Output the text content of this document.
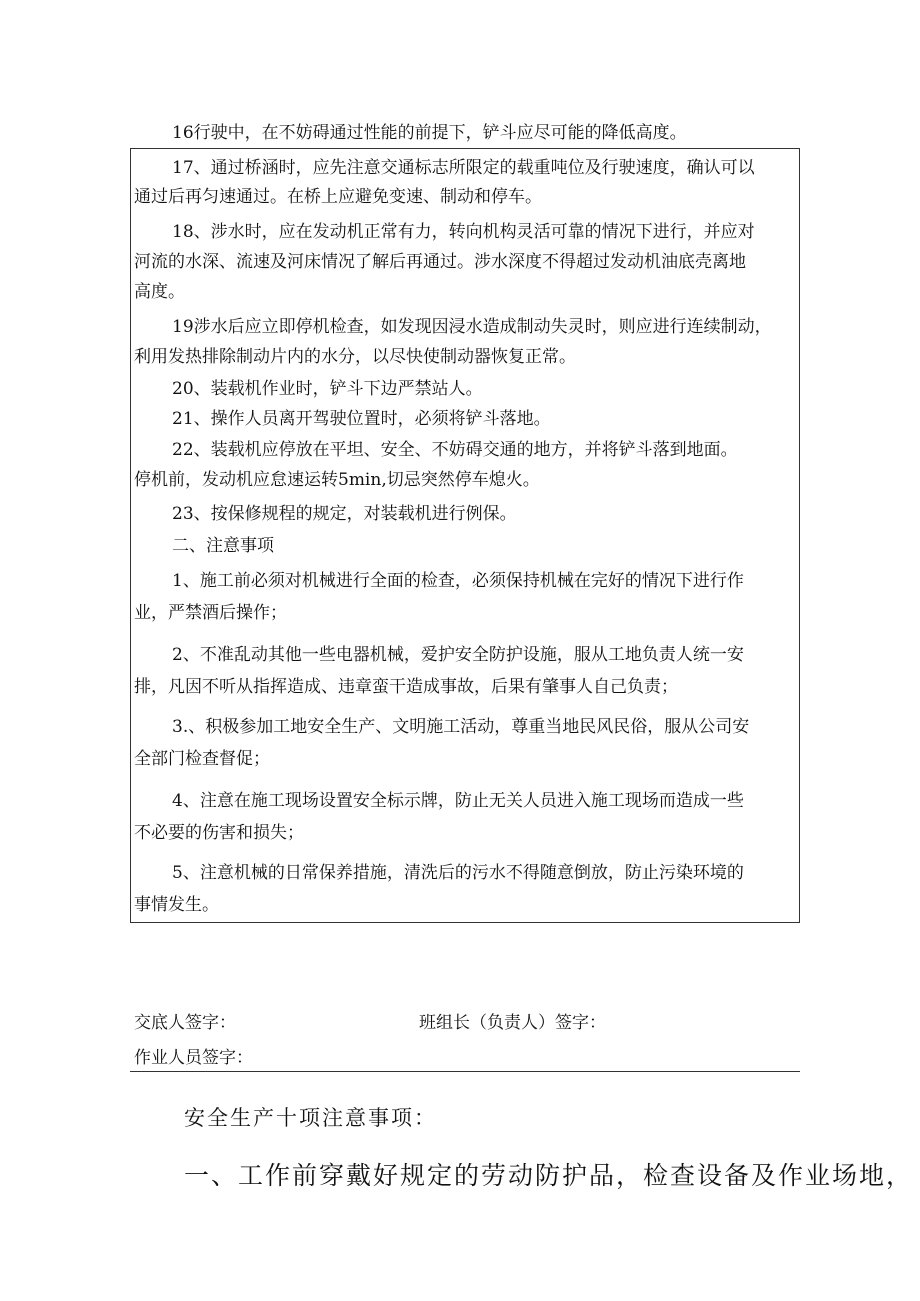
16行驶中，在不妨碍通过性能的前提下，铲斗应尽可能的降低高度。
17、通过桥涵时，应先注意交通标志所限定的载重吨位及行驶速度，确认可以
通过后再匀速通过。在桥上应避免变速、制动和停车。
18、涉水时，应在发动机正常有力，转向机构灵活可靠的情况下进行，并应对
河流的水深、流速及河床情况了解后再通过。涉水深度不得超过发动机油底壳离地
高度。
19涉水后应立即停机检查，如发现因浸水造成制动失灵时，则应进行连续制动，
利用发热排除制动片内的水分，以尽快使制动器恢复正常。
20、装载机作业时，铲斗下边严禁站人。
21、操作人员离开驾驶位置时，必须将铲斗落地。
22、装载机应停放在平坦、安全、不妨碍交通的地方，并将铲斗落到地面。
停机前，发动机应怠速运转5min,切忌突然停车熄火。
23、按保修规程的规定，对装载机进行例保。
二、注意事项
1、施工前必须对机械进行全面的检查，必须保持机械在完好的情况下进行作
业，严禁酒后操作；
2、不准乱动其他一些电器机械，爱护安全防护设施，服从工地负责人统一安
排，凡因不听从指挥造成、违章蛮干造成事故，后果有肇事人自己负责；
3.、积极参加工地安全生产、文明施工活动，尊重当地民风民俗，服从公司安
全部门检查督促；
4、注意在施工现场设置安全标示牌，防止无关人员进入施工现场而造成一些
不必要的伤害和损失；
5、注意机械的日常保养措施，清洗后的污水不得随意倒放，防止污染环境的
事情发生。
交底人签字：	班组长（负责人）签字：
作业人员签字：
安全生产十项注意事项：
一、工作前穿戴好规定的劳动防护品，检查设备及作业场地，
